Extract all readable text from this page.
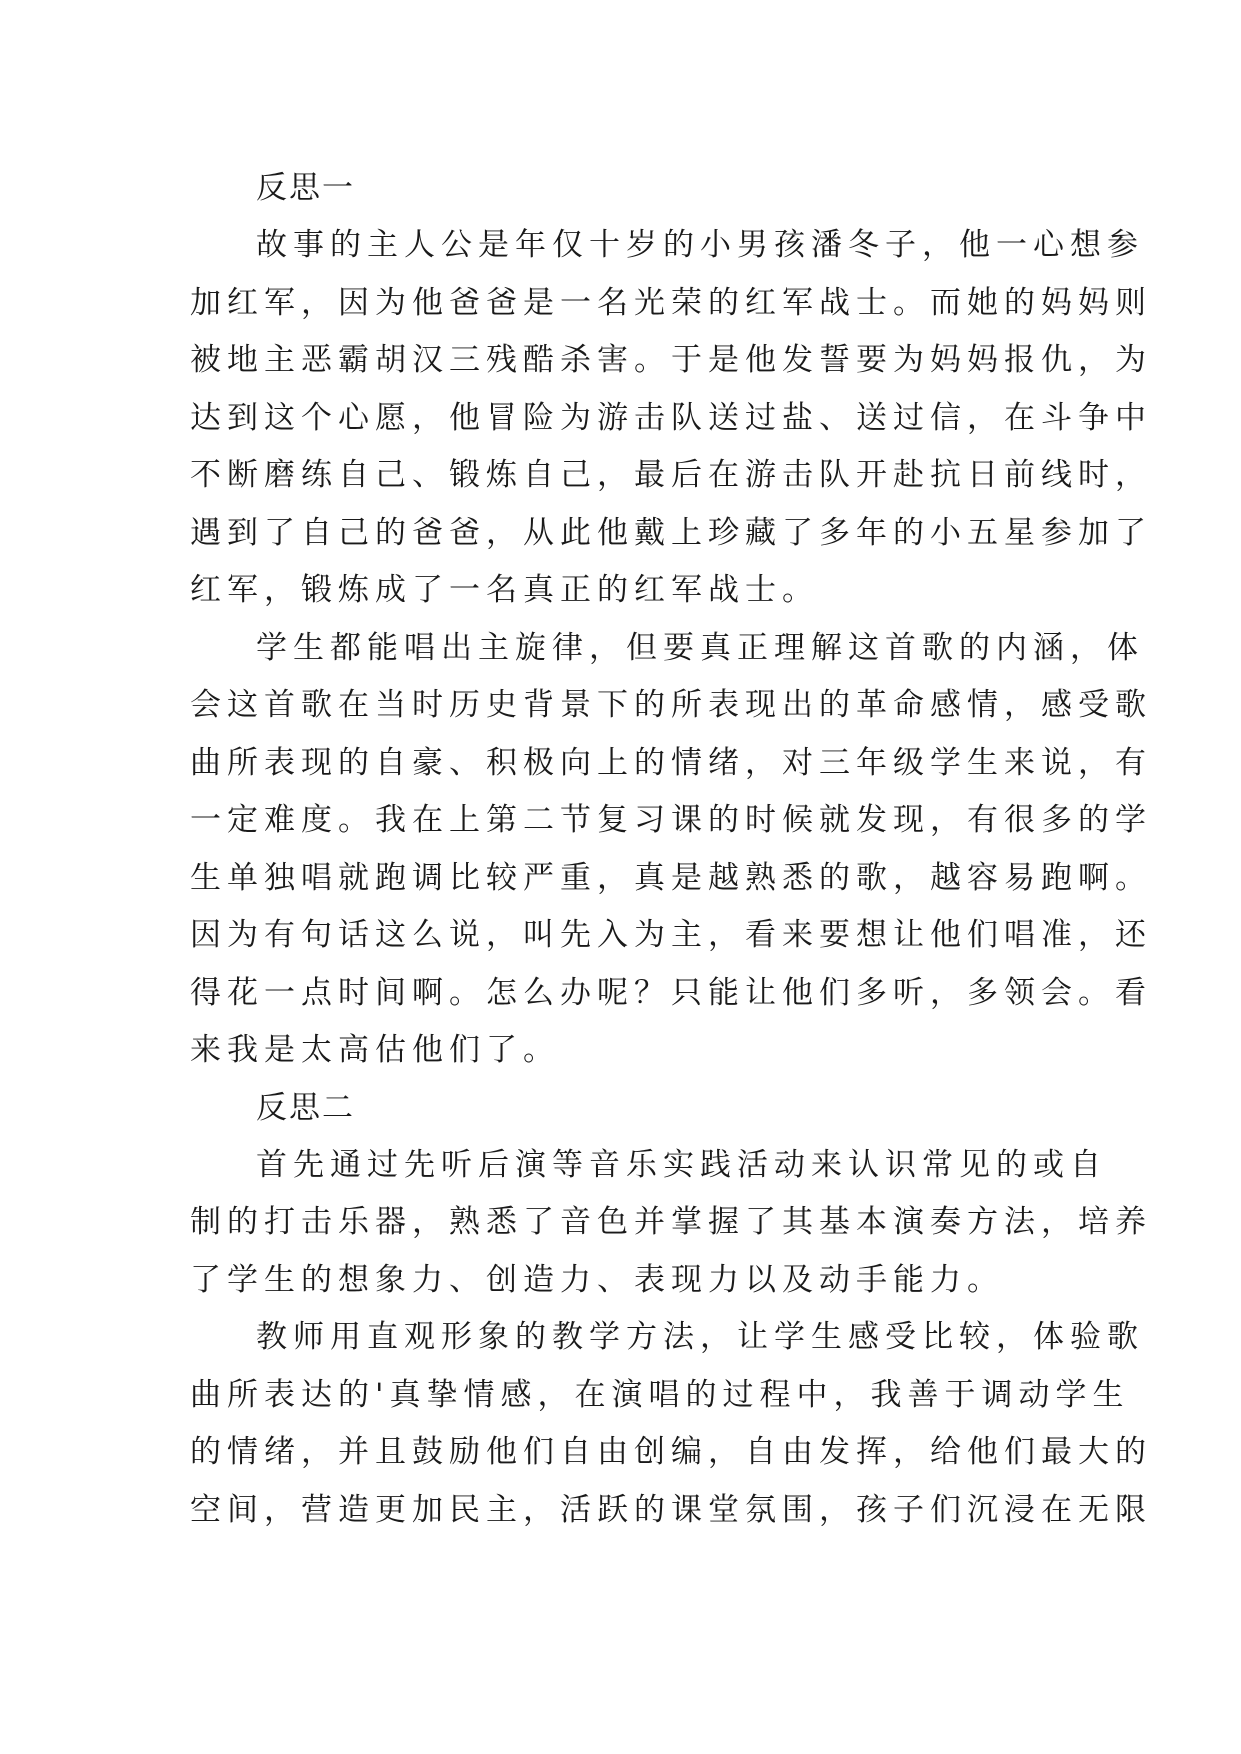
反思一

故事的主人公是年仅十岁的小男孩潘冬子，他一心想参
加红军，因为他爸爸是一名光荣的红军战士。而她的妈妈则
被地主恶霸胡汉三残酷杀害。于是他发誓要为妈妈报仇，为
达到这个心愿，他冒险为游击队送过盐、送过信，在斗争中
不断磨练自己、锻炼自己，最后在游击队开赴抗日前线时，
遇到了自己的爸爸，从此他戴上珍藏了多年的小五星参加了
红军，锻炼成了一名真正的红军战士。

学生都能唱出主旋律，但要真正理解这首歌的内涵，体
会这首歌在当时历史背景下的所表现出的革命感情，感受歌
曲所表现的自豪、积极向上的情绪，对三年级学生来说，有
一定难度。我在上第二节复习课的时候就发现，有很多的学
生单独唱就跑调比较严重，真是越熟悉的歌，越容易跑啊。
因为有句话这么说，叫先入为主，看来要想让他们唱准，还
得花一点时间啊。怎么办呢？只能让他们多听，多领会。看
来我是太高估他们了。

反思二

首先通过先听后演等音乐实践活动来认识常见的或自
制的打击乐器，熟悉了音色并掌握了其基本演奏方法，培养
了学生的想象力、创造力、表现力以及动手能力。

教师用直观形象的教学方法，让学生感受比较，体验歌
曲所表达的'真挚情感，在演唱的过程中，我善于调动学生
的情绪，并且鼓励他们自由创编，自由发挥，给他们最大的
空间，营造更加民主，活跃的课堂氛围，孩子们沉浸在无限
